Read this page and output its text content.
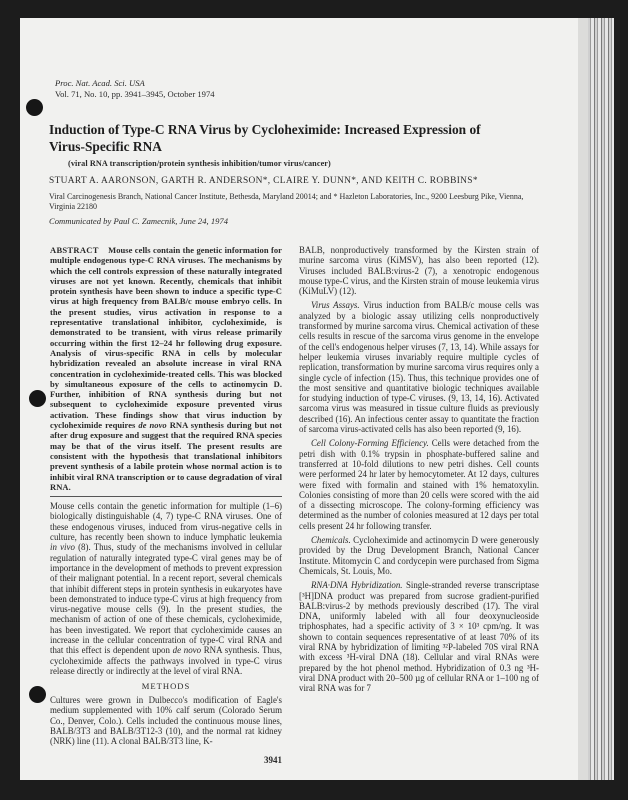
Proc. Nat. Acad. Sci. USA
Vol. 71, No. 10, pp. 3941–3945, October 1974
Induction of Type-C RNA Virus by Cycloheximide: Increased Expression of Virus-Specific RNA
(viral RNA transcription/protein synthesis inhibition/tumor virus/cancer)
STUART A. AARONSON, GARTH R. ANDERSON*, CLAIRE Y. DUNN*, AND KEITH C. ROBBINS*
Viral Carcinogenesis Branch, National Cancer Institute, Bethesda, Maryland 20014; and * Hazleton Laboratories, Inc., 9200 Leesburg Pike, Vienna, Virginia 22180
Communicated by Paul C. Zamecnik, June 24, 1974
ABSTRACT Mouse cells contain the genetic information for multiple endogenous type-C RNA viruses. The mechanisms by which the cell controls expression of these naturally integrated viruses are not yet known. Recently, chemicals that inhibit protein synthesis have been shown to induce a specific type-C virus at high frequency from BALB/c mouse embryo cells. In the present studies, virus activation in response to a representative translational inhibitor, cycloheximide, is demonstrated to be transient, with virus release primarily occurring within the first 12–24 hr following drug exposure. Analysis of virus-specific RNA in cells by molecular hybridization revealed an absolute increase in viral RNA concentration in cycloheximide-treated cells. This was blocked by simultaneous exposure of the cells to actinomycin D. Further, inhibition of RNA synthesis during but not subsequent to cycloheximide exposure prevented virus activation. These findings show that virus induction by cycloheximide requires de novo RNA synthesis during but not after drug exposure and suggest that the required RNA species may be that of the virus itself. The present results are consistent with the hypothesis that translational inhibitors prevent synthesis of a labile protein whose normal action is to inhibit viral RNA transcription or to cause degradation of viral RNA.
Mouse cells contain the genetic information for multiple (1–6) biologically distinguishable (4, 7) type-C RNA viruses. One of these endogenous viruses, induced from virus-negative cells in culture, has recently been shown to induce lymphatic leukemia in vivo (8). Thus, study of the mechanisms involved in cellular regulation of naturally integrated type-C viral genes may be of importance in the development of methods to prevent expression of their malignant potential. In a recent report, several chemicals that inhibit different steps in protein synthesis in eukaryotes have been demonstrated to induce type-C virus at high frequency from virus-negative mouse cells (9). In the present studies, the mechanism of action of one of these chemicals, cycloheximide, has been investigated. We report that cycloheximide causes an increase in the cellular concentration of type-C viral RNA and that this effect is dependent upon de novo RNA synthesis. Thus, cycloheximide affects the pathways involved in type-C virus release directly or indirectly at the level of viral RNA.
METHODS
Cultures were grown in Dulbecco's modification of Eagle's medium supplemented with 10% calf serum (Colorado Serum Co., Denver, Colo.). Cells included the continuous mouse lines, BALB/3T3 and BALB/3T12-3 (10), and the normal rat kidney (NRK) line (11). A clonal BALB/3T3 line, K-
3941

BALB, nonproductively transformed by the Kirsten strain of murine sarcoma virus (KiMSV), has also been reported (12). Viruses included BALB:virus-2 (7), a xenotropic endogenous mouse type-C virus, and the Kirsten strain of mouse leukemia virus (KiMuLV) (12).

Virus Assays. Virus induction from BALB/c mouse cells was analyzed by a biologic assay utilizing cells nonproductively transformed by murine sarcoma virus. Chemical activation of these cells results in rescue of the sarcoma virus genome in the envelope of the cell's endogenous helper viruses (7, 13, 14). While assays for helper leukemia viruses invariably require multiple cycles of replication, transformation by murine sarcoma virus requires only a single cycle of infection (15). Thus, this technique provides one of the most sensitive and quantitative biologic techniques available for studying induction of type-C viruses. (9, 13, 14, 16). Activated sarcoma virus was measured in tissue culture fluids as previously described (16). An infectious center assay to quantitate the fraction of sarcoma virus-activated cells has also been reported (9, 16).

Cell Colony-Forming Efficiency. Cells were detached from the petri dish with 0.1% trypsin in phosphate-buffered saline and transferred at 10-fold dilutions to new petri dishes. Cell counts were performed 24 hr later by hemocytometer. At 12 days, cultures were fixed with formalin and stained with 1% hematoxylin. Colonies consisting of more than 20 cells were scored with the aid of a dissecting microscope. The colony-forming efficiency was determined as the number of colonies measured at 12 days per total cells present 24 hr following transfer.

Chemicals. Cycloheximide and actinomycin D were generously provided by the Drug Development Branch, National Cancer Institute. Mitomycin C and cordycepin were purchased from Sigma Chemicals, St. Louis, Mo.

RNA·DNA Hybridization. Single-stranded reverse transcriptase [³H]DNA product was prepared from sucrose gradient-purified BALB:virus-2 by methods previously described (17). The viral DNA, uniformly labeled with all four deoxynucleoside triphosphates, had a specific activity of 3 × 10³ cpm/ng. It was shown to contain sequences representative of at least 70% of its viral RNA by hybridization of limiting ³²P-labeled 70S viral RNA with excess ³H-viral DNA (18). Cellular and viral RNAs were prepared by the hot phenol method. Hybridization of 0.3 ng ³H-viral DNA product with 20–500 µg of cellular RNA or 1–100 ng of viral RNA was for 7
